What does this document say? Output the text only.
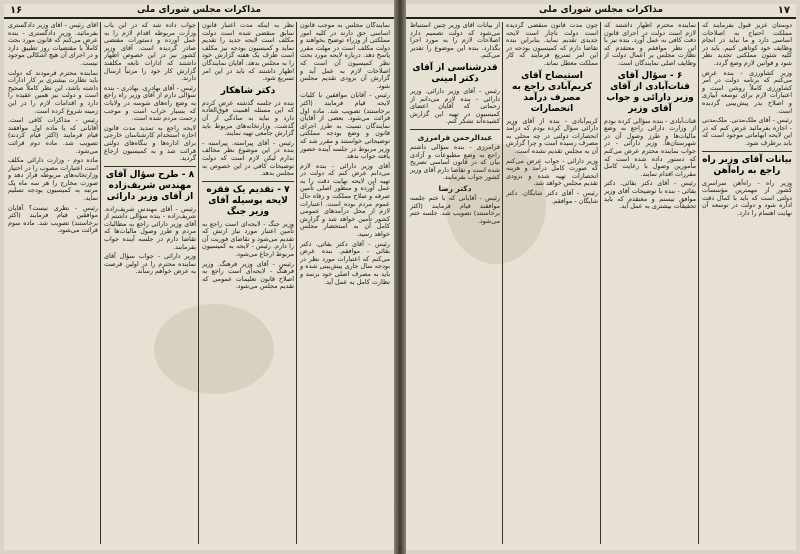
۱۶	مذاکرات مجلس شورای ملی

نمایندگان مجلس به موجب قانون اساسی حق دارند در کلیه امور مملکتی از وزراء توضیح بخواهند و دولت مکلف است در مهلت مقرر پاسخ دهد. درباره لایحه مورد بحث نظر کمیسیون آن است که اصلاحات لازم به عمل آید و گزارش آن بزودی تقدیم مجلس شود.

رئیس - آقایان موافقین با کلیات لایحه قیام فرمایند (اکثر برخاستند) تصویب شد. ماده اول قرائت می‌شود. بعضی از آقایان نمایندگان نسبت به طرز اجرای قانون و وضع بودجه مملکتی توضیحاتی خواستند و مقرر شد که وزیر مربوط در جلسه آینده حضور یافته جواب بدهد.

آقای وزیر دارائی - بنده لازم می‌دانم عرض کنم که دولت در تهیه این لایحه نهایت دقت را به عمل آورده و منظور اصلی تأمین صرفه و صلاح مملکت و رفاه حال عموم مردم بوده است. اعتبارات لازم از محل درآمدهای عمومی کشور تأمین خواهد شد و گزارش کامل آن به استحضار مجلس خواهد رسید.

رئیس - آقای دکتر بقائی. دکتر بقائی - موافقم. بنده عرض می‌کنم که اعتبارات مورد نظر در بودجه سال جاری پیش‌بینی شده و باید به مصرف اصلی خود برسد و نظارت کامل به عمل آید.

نظر به اینکه مدت اعتبار قانون سابق منقضی شده است دولت مکلف است لایحه جدید را تقدیم نماید و کمیسیون بودجه نیز مکلف است ظرف یک هفته گزارش خود را به مجلس بدهد. آقایان نمایندگان اظهار داشتند که باید در این امر تسریع شود.

دکتر شاهکار

بنده در جلسه گذشته عرض کردم که این مسئله اهمیت فوق‌العاده دارد و نباید به سادگی از آن گذشت. وزارتخانه‌های مربوط باید گزارش جامعی تهیه نمایند.

رئیس - آقای پیراسته. پیراسته - بنده در این موضوع نظر مخالف ندارم لیکن لازم است که دولت توضیحات کافی در این خصوص به مجلس بدهد.

۷ - تقدیم یک فقره لایحه بوسیله آقای وزیر جنگ

وزیر جنگ - لایحه‌ای است راجع به تأمین اعتبار مورد نیاز ارتش که تقدیم می‌شود و تقاضای فوریت آن را دارم. رئیس - لایحه به کمیسیون مربوط ارجاع می‌شود.

رئیس - آقای وزیر فرهنگ. وزیر فرهنگ - لایحه‌ای است راجع به اصلاح قانون تعلیمات عمومی که تقدیم مجلس می‌شود.

جواب داده شد که در این باب وزارت مربوطه اقدام لازم را به عمل آورده و دستورات مقتضی صادر گردیده است. آقای وزیر کشور نیز در این خصوص اظهار داشتند که ادارات تابعه مکلفند گزارش کار خود را مرتباً ارسال دارند.

رئیس - آقای بهادری. بهادری - بنده سؤالی دارم از آقای وزیر راه راجع به وضع راه‌های شوسه در ولایات که بسیار خراب است و موجب زحمت مردم شده است.

لایحه راجع به تمدید مدت قانون اجازه استخدام کارشناسان خارجی برای اداره‌ها و بنگاه‌های دولتی قرائت شد و به کمیسیون ارجاع گردید.

۸ - طرح سؤال آقای مهندس شریف‌زاده از آقای وزیر دارائی

رئیس - آقای مهندس شریف‌زاده. شریف‌زاده - بنده سؤالی داشتم از آقای وزیر دارائی راجع به مطالبات مردم و طرز وصول مالیات‌ها که تقاضا دارم در جلسه آینده جواب بفرمایند.

وزیر دارائی - جواب سؤال آقای نماینده محترم را در اولین فرصت به عرض خواهم رساند.

آقای رئیس - آقای وزیر دادگستری بفرمائید. وزیر دادگستری - بنده عرض می‌کنم که قانون مورد بحث کاملاً با مقتضیات روز تطبیق دارد و در اجرای آن هیچ اشکالی موجود نیست.

نماینده محترم فرمودند که دولت باید نظارت بیشتری بر کار ادارات داشته باشد، این نظر کاملاً صحیح است و دولت نیز همین عقیده را دارد و اقدامات لازم را در این زمینه شروع کرده است.

رئیس - مذاکرات کافی است. آقایانی که با ماده اول موافقند قیام فرمایند (اکثر قیام کردند) تصویب شد. ماده دوم قرائت می‌شود.

ماده دوم - وزارت دارائی مکلف است اعتبارات مصوب را در اختیار وزارتخانه‌های مربوطه قرار دهد و صورت مخارج را هر سه ماه یک مرتبه به کمیسیون بودجه تسلیم نماید.

رئیس - نظری نیست؟ آقایان موافقین قیام فرمایند (اکثر برخاستند) تصویب شد. ماده سوم قرائت می‌شود.

۱۷
مذاکرات مجلس شورای ملی

دوستان عزیز قبول بفرمایند که مملکت احتیاج به اصلاحات اساسی دارد و ما نباید در انجام وظایف خود کوتاهی کنیم. باید در کلیه شئون مملکتی تجدید نظر شود و قوانین لازم وضع گردد.

وزیر کشاورزی - بنده عرض می‌کنم که برنامه دولت در امر کشاورزی کاملاً روشن است و اعتبارات لازم برای توسعه آبیاری و اصلاح بذر پیش‌بینی گردیده است.

رئیس - آقای ملک‌مدنی. ملک‌مدنی - اجازه بفرمائید عرض کنم که در این لایحه ابهاماتی موجود است که باید برطرف شود.

بیانات آقای وزیر راه راجع به راه‌آهن

وزیر راه - راه‌آهن سراسری کشور از مهمترین مؤسسات دولتی است که باید با کمال دقت اداره شود و دولت در توسعه آن نهایت اهتمام را دارد.

نماینده محترم اظهار داشتند که لازم است دولت در اجرای قانون دقت کافی به عمل آورد. بنده نیز با این نظر موافقم و معتقدم که نظارت مجلس بر اعمال دولت از وظایف اصلی نمایندگان است.

۶ - سؤال آقای قنات‌آبادی از آقای وزیر دارائی و جواب آقای وزیر

قنات‌آبادی - بنده سؤالی کرده بودم از وزارت دارائی راجع به وضع مالیات‌ها و طرز وصول آن در شهرستان‌ها. وزیر دارائی - در جواب نماینده محترم عرض می‌کنم که دستور داده شده است که مأمورین وصول با رعایت کامل مقررات اقدام نمایند.

رئیس - آقای دکتر بقائی. دکتر بقائی - بنده با توضیحات آقای وزیر موافق نیستم و معتقدم که باید تحقیقات بیشتری به عمل آید.

چون مدت قانون منقضی گردیده است دولت ناچار است لایحه جدیدی تقدیم نماید. بنابراین بنده تقاضا دارم که کمیسیون بودجه در این امر تسریع فرمایند که کار مملکت معطل نماند.

استیضاح آقای کریم‌آبادی راجع به مصرف درآمد انحصارات

کریم‌آبادی - بنده از آقای وزیر دارائی سؤال کرده بودم که درآمد انحصارات دولتی در چه محلی به مصرف رسیده است و چرا گزارش آن به مجلس تقدیم نشده است.

وزیر دارائی - جواب عرض می‌کنم که صورت کامل درآمد و هزینه انحصارات تهیه شده و بزودی تقدیم مجلس خواهد شد.

رئیس - آقای دکتر شایگان. دکتر شایگان - موافقم.

از بیانات آقای وزیر چنین استنباط می‌شود که دولت تصمیم دارد اصلاحات لازم را به مورد اجرا بگذارد. بنده این موضوع را تقدیر می‌کنم.

قدرشناسی از آقای دکتر امینی

رئیس - آقای وزیر دارائی. وزیر دارائی - بنده لازم می‌دانم از زحماتی که آقایان اعضای کمیسیون در تهیه این گزارش کشیده‌اند تشکر کنم.

عبدالرحمن فرامرزی

فرامرزی - بنده سؤالی داشتم راجع به وضع مطبوعات و آزادی بیان که در قانون اساسی تصریح شده است و تقاضا دارم آقای وزیر کشور جواب بفرمایند.

دکتر رضا

رئیس - آقایانی که با ختم جلسه موافقند قیام فرمایند (اکثر برخاستند) تصویب شد. جلسه ختم می‌شود.
